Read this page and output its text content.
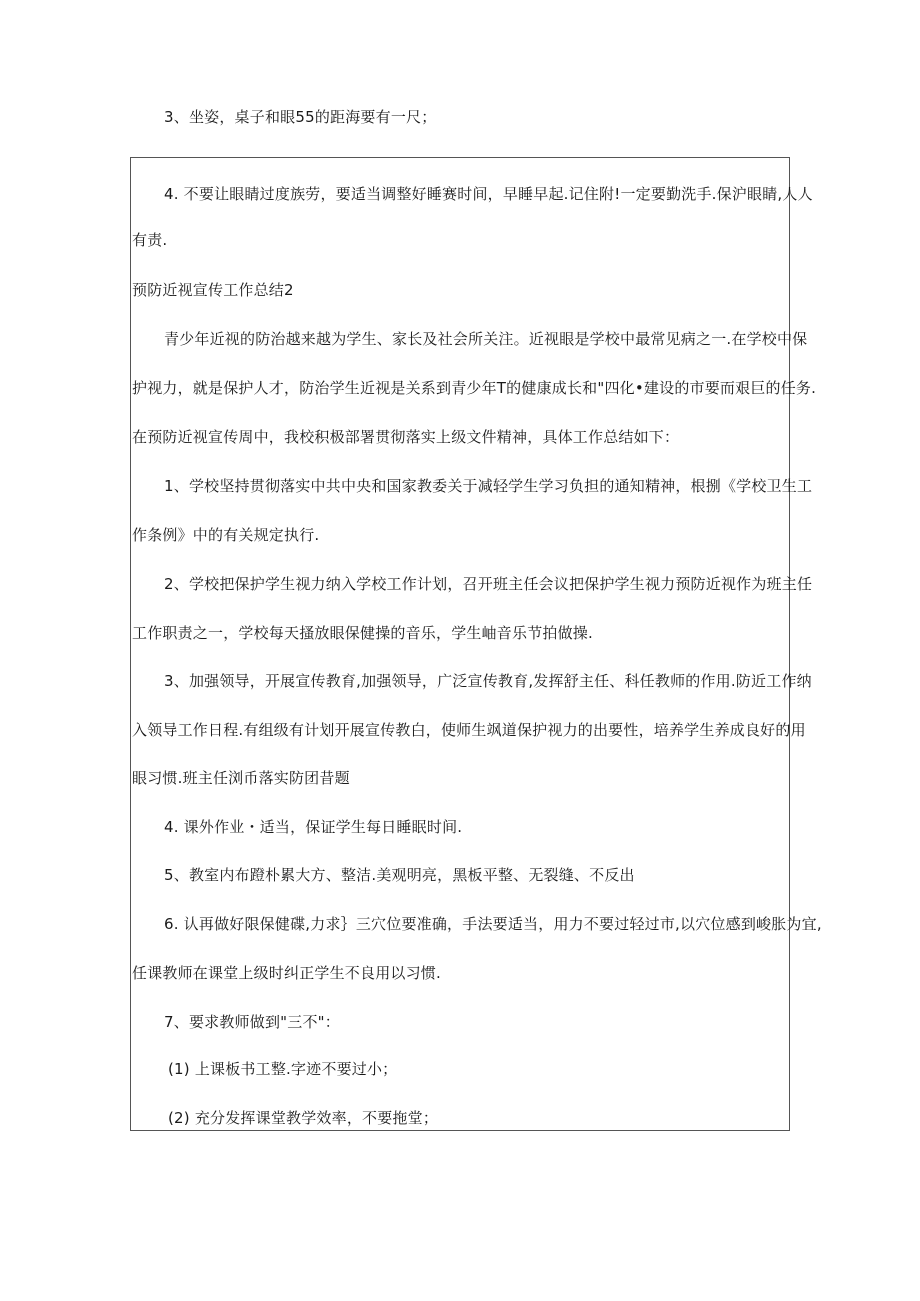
3、坐姿，桌子和眼55的距海要有一尺；
4. 不要让眼睛过度族劳，要适当调整好睡赛时间，早睡早起.记住附!一定要勤洗手.保沪眼睛,人人
有责.
预防近视宣传工作总结2
青少年近视的防治越来越为学生、家长及社会所关注。近视眼是学校中最常见病之一.在学校中保
护视力，就是保护人才，防治学生近视是关系到青少年T的健康成长和"四化•建设的市要而艰巨的任务.
在预防近视宣传周中，我校积极部署贯彻落实上级文件精神，具体工作总结如下：
1、学校坚持贯彻落实中共中央和国家教委关于减轻学生学习负担的通知精神，根捌《学校卫生工
作条例》中的有关规定执行.
2、学校把保护学生视力纳入学校工作计划，召开班主任会议把保护学生视力预防近视作为班主任
工作职责之一，学校每天搔放眼保健操的音乐，学生岫音乐节拍做操.
3、加强领导，开展宣传教育,加强领导，广泛宣传教育,发挥舒主任、科任教师的作用.防近工作纳
入领导工作日程.有组级有计划开展宣传教白，使师生飒道保护视力的出要性，培养学生养成良好的用
眼习惯.班主任浏币落实防团昔题
4. 课外作业・适当，保证学生每日睡眠时间.
5、教室内布蹬朴累大方、整洁.美观明亮，黑板平整、无裂缝、不反出
6. 认再做好限保健碟,力求｝三穴位要准确，手法要适当，用力不要过轻过市,以穴位感到峻胀为宜,
任课教师在课堂上级时纠正学生不良用以习惯.
7、要求教师做到"三不"：
(1) 上课板书工整.字迹不要过小；
(2) 充分发挥课堂教学效率，不要拖堂；
